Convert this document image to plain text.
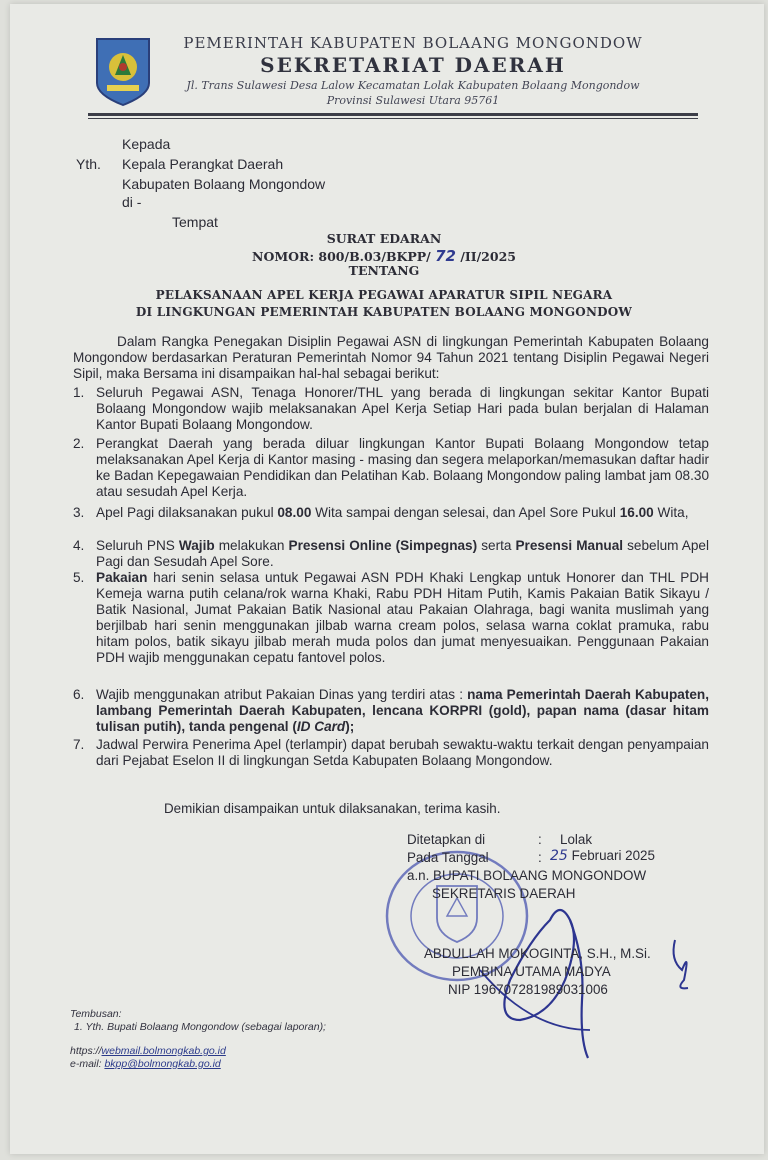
PEMERINTAH KABUPATEN BOLAANG MONGONDOW
SEKRETARIAT DAERAH
Jl. Trans Sulawesi Desa Lalow Kecamatan Lolak Kabupaten Bolaang Mongondow
Provinsi Sulawesi Utara 95761
Kepada
Yth. Kepala Perangkat Daerah
Kabupaten Bolaang Mongondow
di -
Tempat
SURAT EDARAN
NOMOR: 800/B.03/BKPP/ 72 /II/2025
TENTANG
PELAKSANAAN APEL KERJA PEGAWAI APARATUR SIPIL NEGARA
DI LINGKUNGAN PEMERINTAH KABUPATEN BOLAANG MONGONDOW
Dalam Rangka Penegakan Disiplin Pegawai ASN di lingkungan Pemerintah Kabupaten Bolaang Mongondow berdasarkan Peraturan Pemerintah Nomor 94 Tahun 2021 tentang Disiplin Pegawai Negeri Sipil, maka Bersama ini disampaikan hal-hal sebagai berikut:
1. Seluruh Pegawai ASN, Tenaga Honorer/THL yang berada di lingkungan sekitar Kantor Bupati Bolaang Mongondow wajib melaksanakan Apel Kerja Setiap Hari pada bulan berjalan di Halaman Kantor Bupati Bolaang Mongondow.
2. Perangkat Daerah yang berada diluar lingkungan Kantor Bupati Bolaang Mongondow tetap melaksanakan Apel Kerja di Kantor masing - masing dan segera melaporkan/memasukan daftar hadir ke Badan Kepegawaian Pendidikan dan Pelatihan Kab. Bolaang Mongondow paling lambat jam 08.30 atau sesudah Apel Kerja.
3. Apel Pagi dilaksanakan pukul 08.00 Wita sampai dengan selesai, dan Apel Sore Pukul 16.00 Wita,
4. Seluruh PNS Wajib melakukan Presensi Online (Simpegnas) serta Presensi Manual sebelum Apel Pagi dan Sesudah Apel Sore.
5. Pakaian hari senin selasa untuk Pegawai ASN PDH Khaki Lengkap untuk Honorer dan THL PDH Kemeja warna putih celana/rok warna Khaki, Rabu PDH Hitam Putih, Kamis Pakaian Batik Sikayu / Batik Nasional, Jumat Pakaian Batik Nasional atau Pakaian Olahraga, bagi wanita muslimah yang berjilbab hari senin menggunakan jilbab warna cream polos, selasa warna coklat pramuka, rabu hitam polos, batik sikayu jilbab merah muda polos dan jumat menyesuaikan. Penggunaan Pakaian PDH wajib menggunakan cepatu fantovel polos.
6. Wajib menggunakan atribut Pakaian Dinas yang terdiri atas : nama Pemerintah Daerah Kabupaten, lambang Pemerintah Daerah Kabupaten, lencana KORPRI (gold), papan nama (dasar hitam tulisan putih), tanda pengenal (ID Card);
7. Jadwal Perwira Penerima Apel (terlampir) dapat berubah sewaktu-waktu terkait dengan penyampaian dari Pejabat Eselon II di lingkungan Setda Kabupaten Bolaang Mongondow.
Demikian disampaikan untuk dilaksanakan, terima kasih.
Ditetapkan di	: Lolak
Pada Tanggal	: 25 Februari 2025
a.n. BUPATI BOLAANG MONGONDOW
SEKRETARIS DAERAH
ABDULLAH MOKOGINTA, S.H., M.Si.
PEMBINA UTAMA MADYA
NIP 196707281989031006
Tembusan:
1. Yth. Bupati Bolaang Mongondow (sebagai laporan);
https://webmail.bolmongkab.go.id
e-mail: bkpp@bolmongkab.go.id
